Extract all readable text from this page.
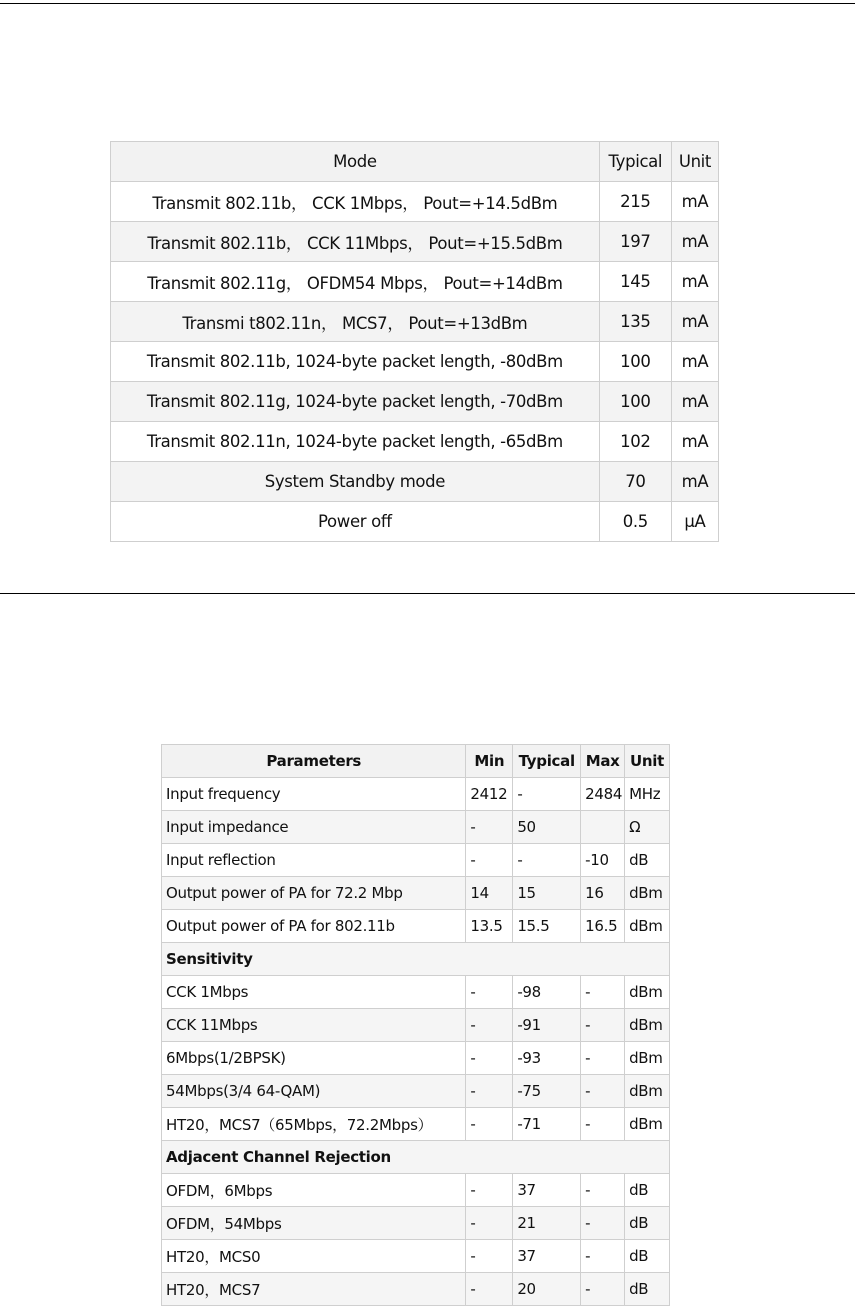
Mode	Typical	Unit
Transmit 802.11b， CCK 1Mbps， Pout=+14.5dBm	215	mA
Transmit 802.11b， CCK 11Mbps， Pout=+15.5dBm	197	mA
Transmit 802.11g， OFDM54 Mbps， Pout=+14dBm	145	mA
Transmi t802.11n， MCS7， Pout=+13dBm	135	mA
Transmit 802.11b, 1024-byte packet length, -80dBm	100	mA
Transmit 802.11g, 1024-byte packet length, -70dBm	100	mA
Transmit 802.11n, 1024-byte packet length, -65dBm	102	mA
System Standby mode	70	mA
Power off	0.5	μA
Parameters	Min	Typical	Max	Unit
Input frequency	2412	-	2484	MHz
Input impedance	-	50		Ω
Input reflection	-	-	-10	dB
Output power of PA for 72.2 Mbp	14	15	16	dBm
Output power of PA for 802.11b	13.5	15.5	16.5	dBm
Sensitivity				
CCK 1Mbps	-	-98	-	dBm
CCK 11Mbps	-	-91	-	dBm
6Mbps(1/2BPSK)	-	-93	-	dBm
54Mbps(3/4 64-QAM)	-	-75	-	dBm
HT20，MCS7（65Mbps，72.2Mbps）	-	-71	-	dBm
Adjacent Channel Rejection				
OFDM，6Mbps	-	37	-	dB
OFDM，54Mbps	-	21	-	dB
HT20，MCS0	-	37	-	dB
HT20，MCS7	-	20	-	dB
